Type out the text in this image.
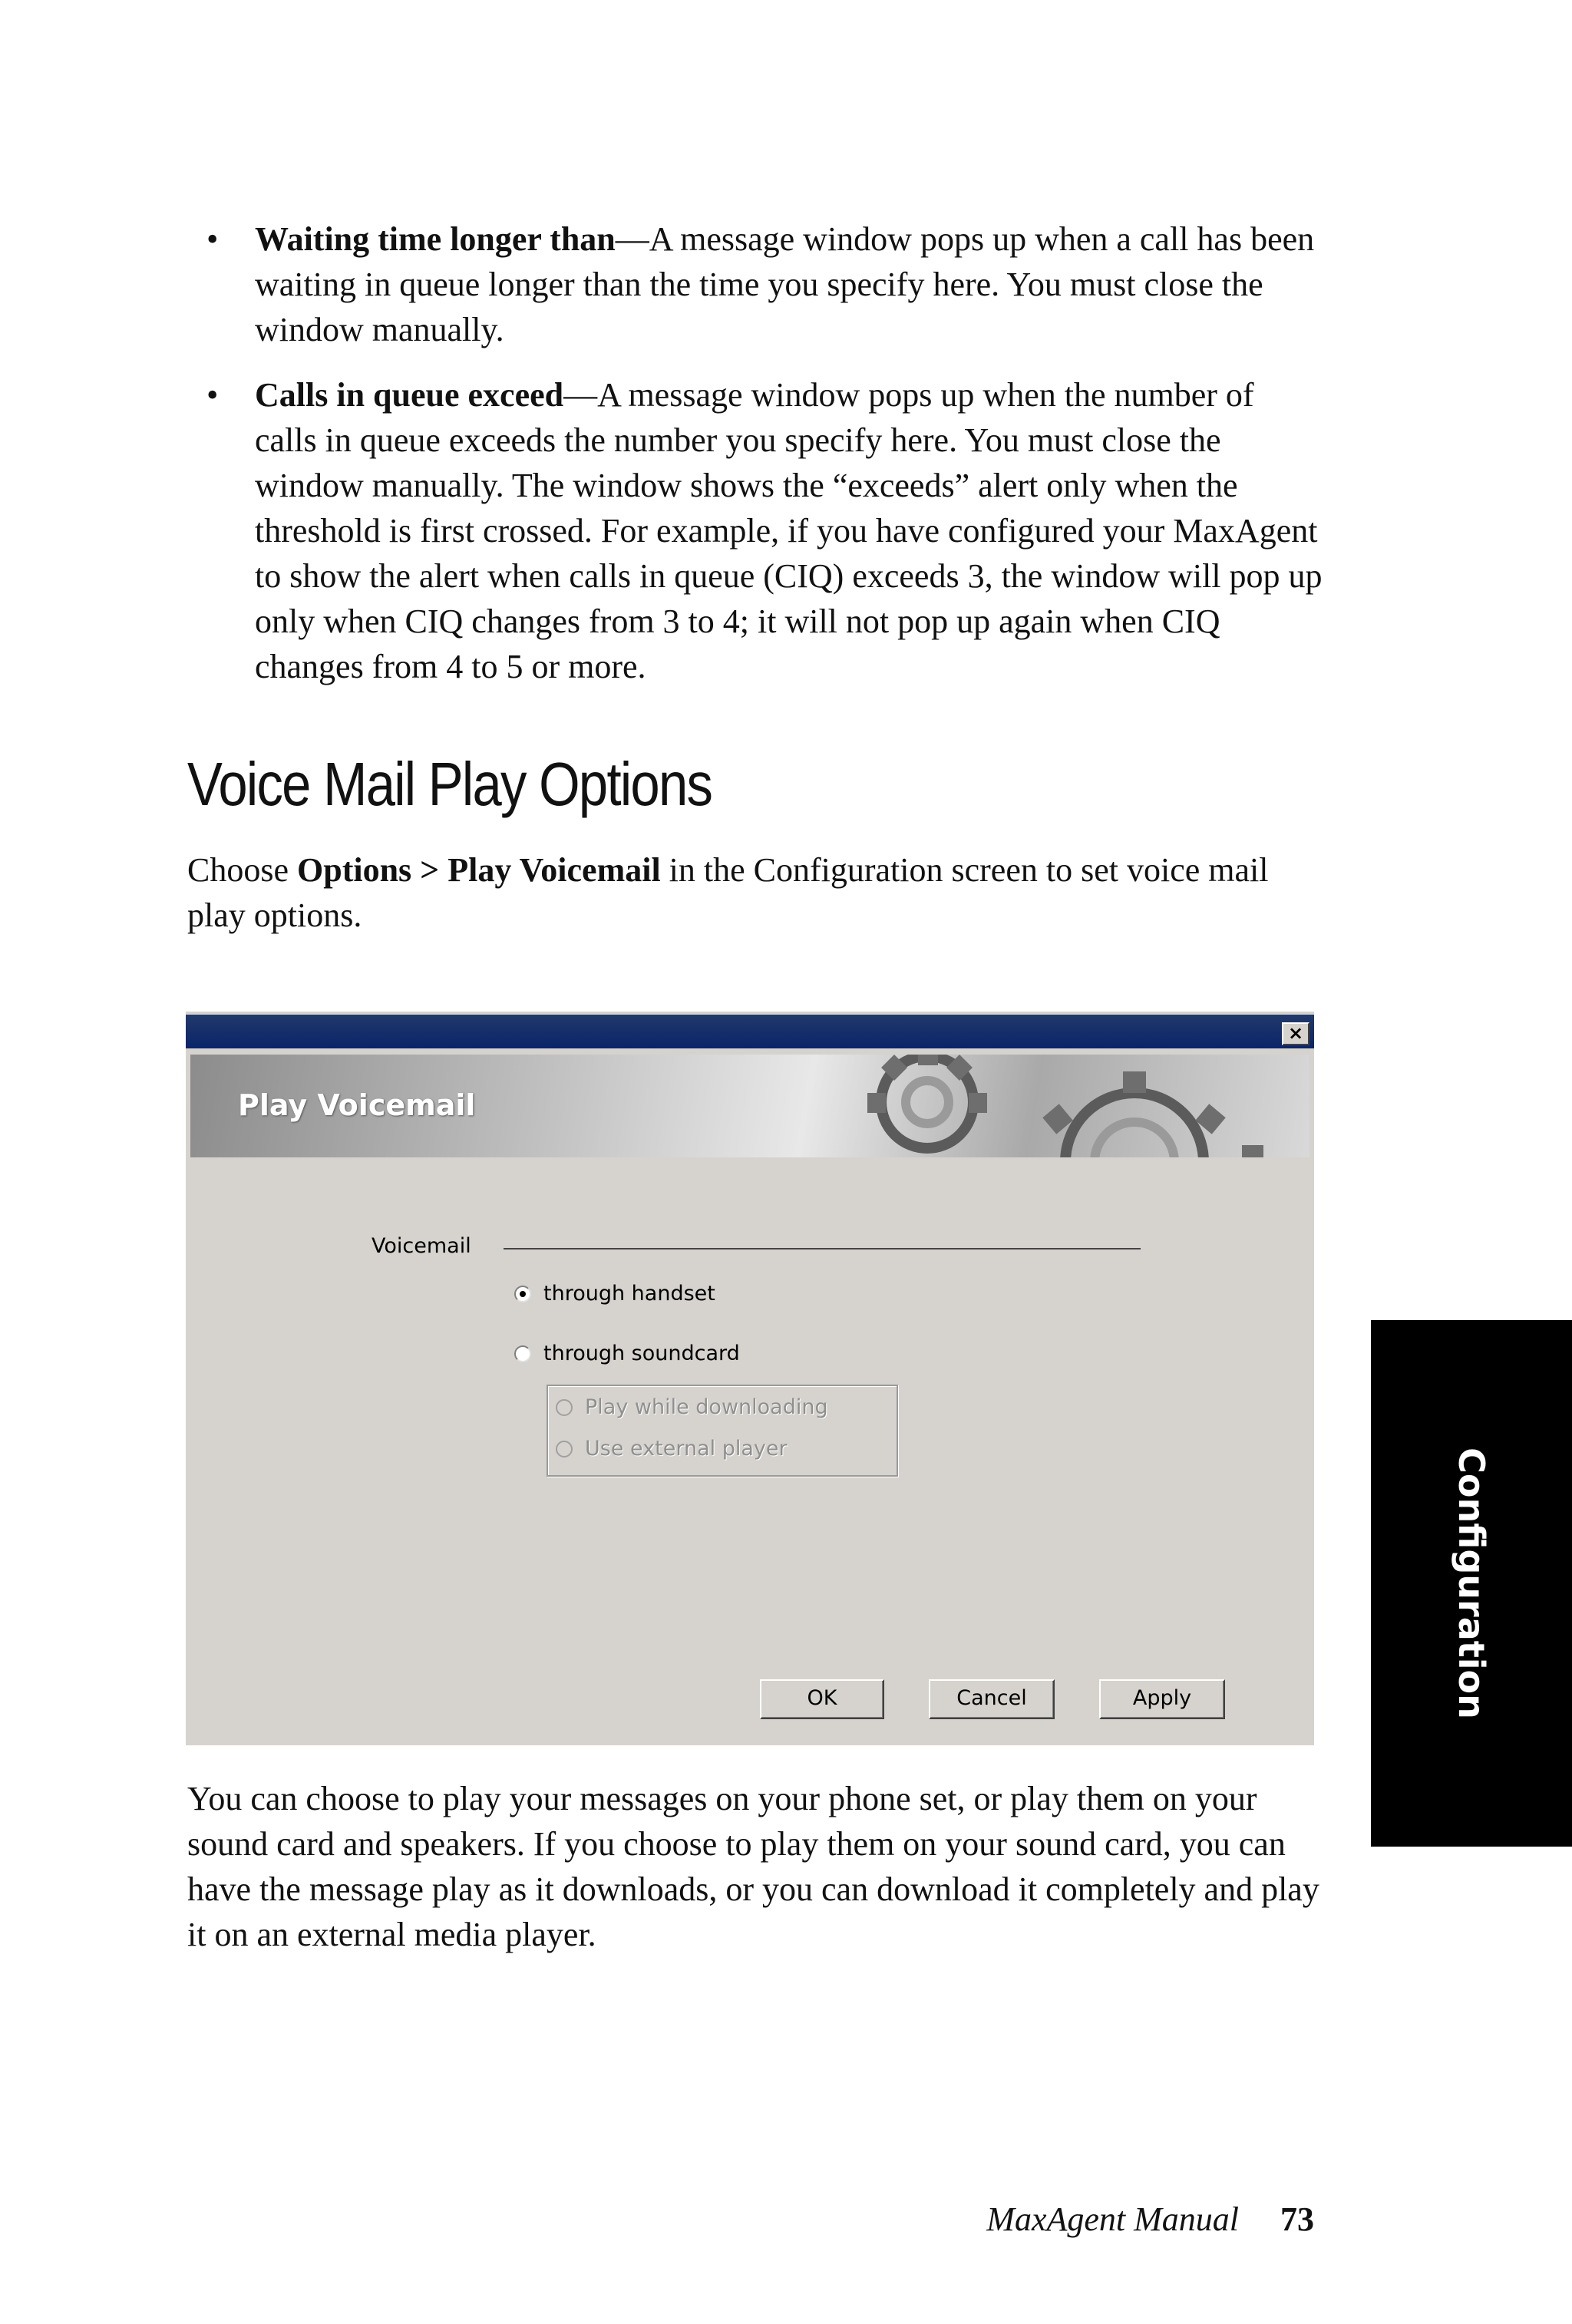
• Waiting time longer than—A message window pops up when a call has been waiting in queue longer than the time you specify here. You must close the window manually.
• Calls in queue exceed—A message window pops up when the number of calls in queue exceeds the number you specify here. You must close the window manually. The window shows the “exceeds” alert only when the threshold is first crossed. For example, if you have configured your MaxAgent to show the alert when calls in queue (CIQ) exceeds 3, the window will pop up only when CIQ changes from 3 to 4; it will not pop up again when CIQ changes from 4 to 5 or more.
Voice Mail Play Options

Choose Options > Play Voicemail in the Configuration screen to set voice mail play options.

×
Play Voicemail
Voicemail
through handset
through soundcard
Play while downloading
Use external player
OK	Cancel	Apply

You can choose to play your messages on your phone set, or play them on your sound card and speakers. If you choose to play them on your sound card, you can have the message play as it downloads, or you can download it completely and play it on an external media player.

Configuration
MaxAgent Manual 73
